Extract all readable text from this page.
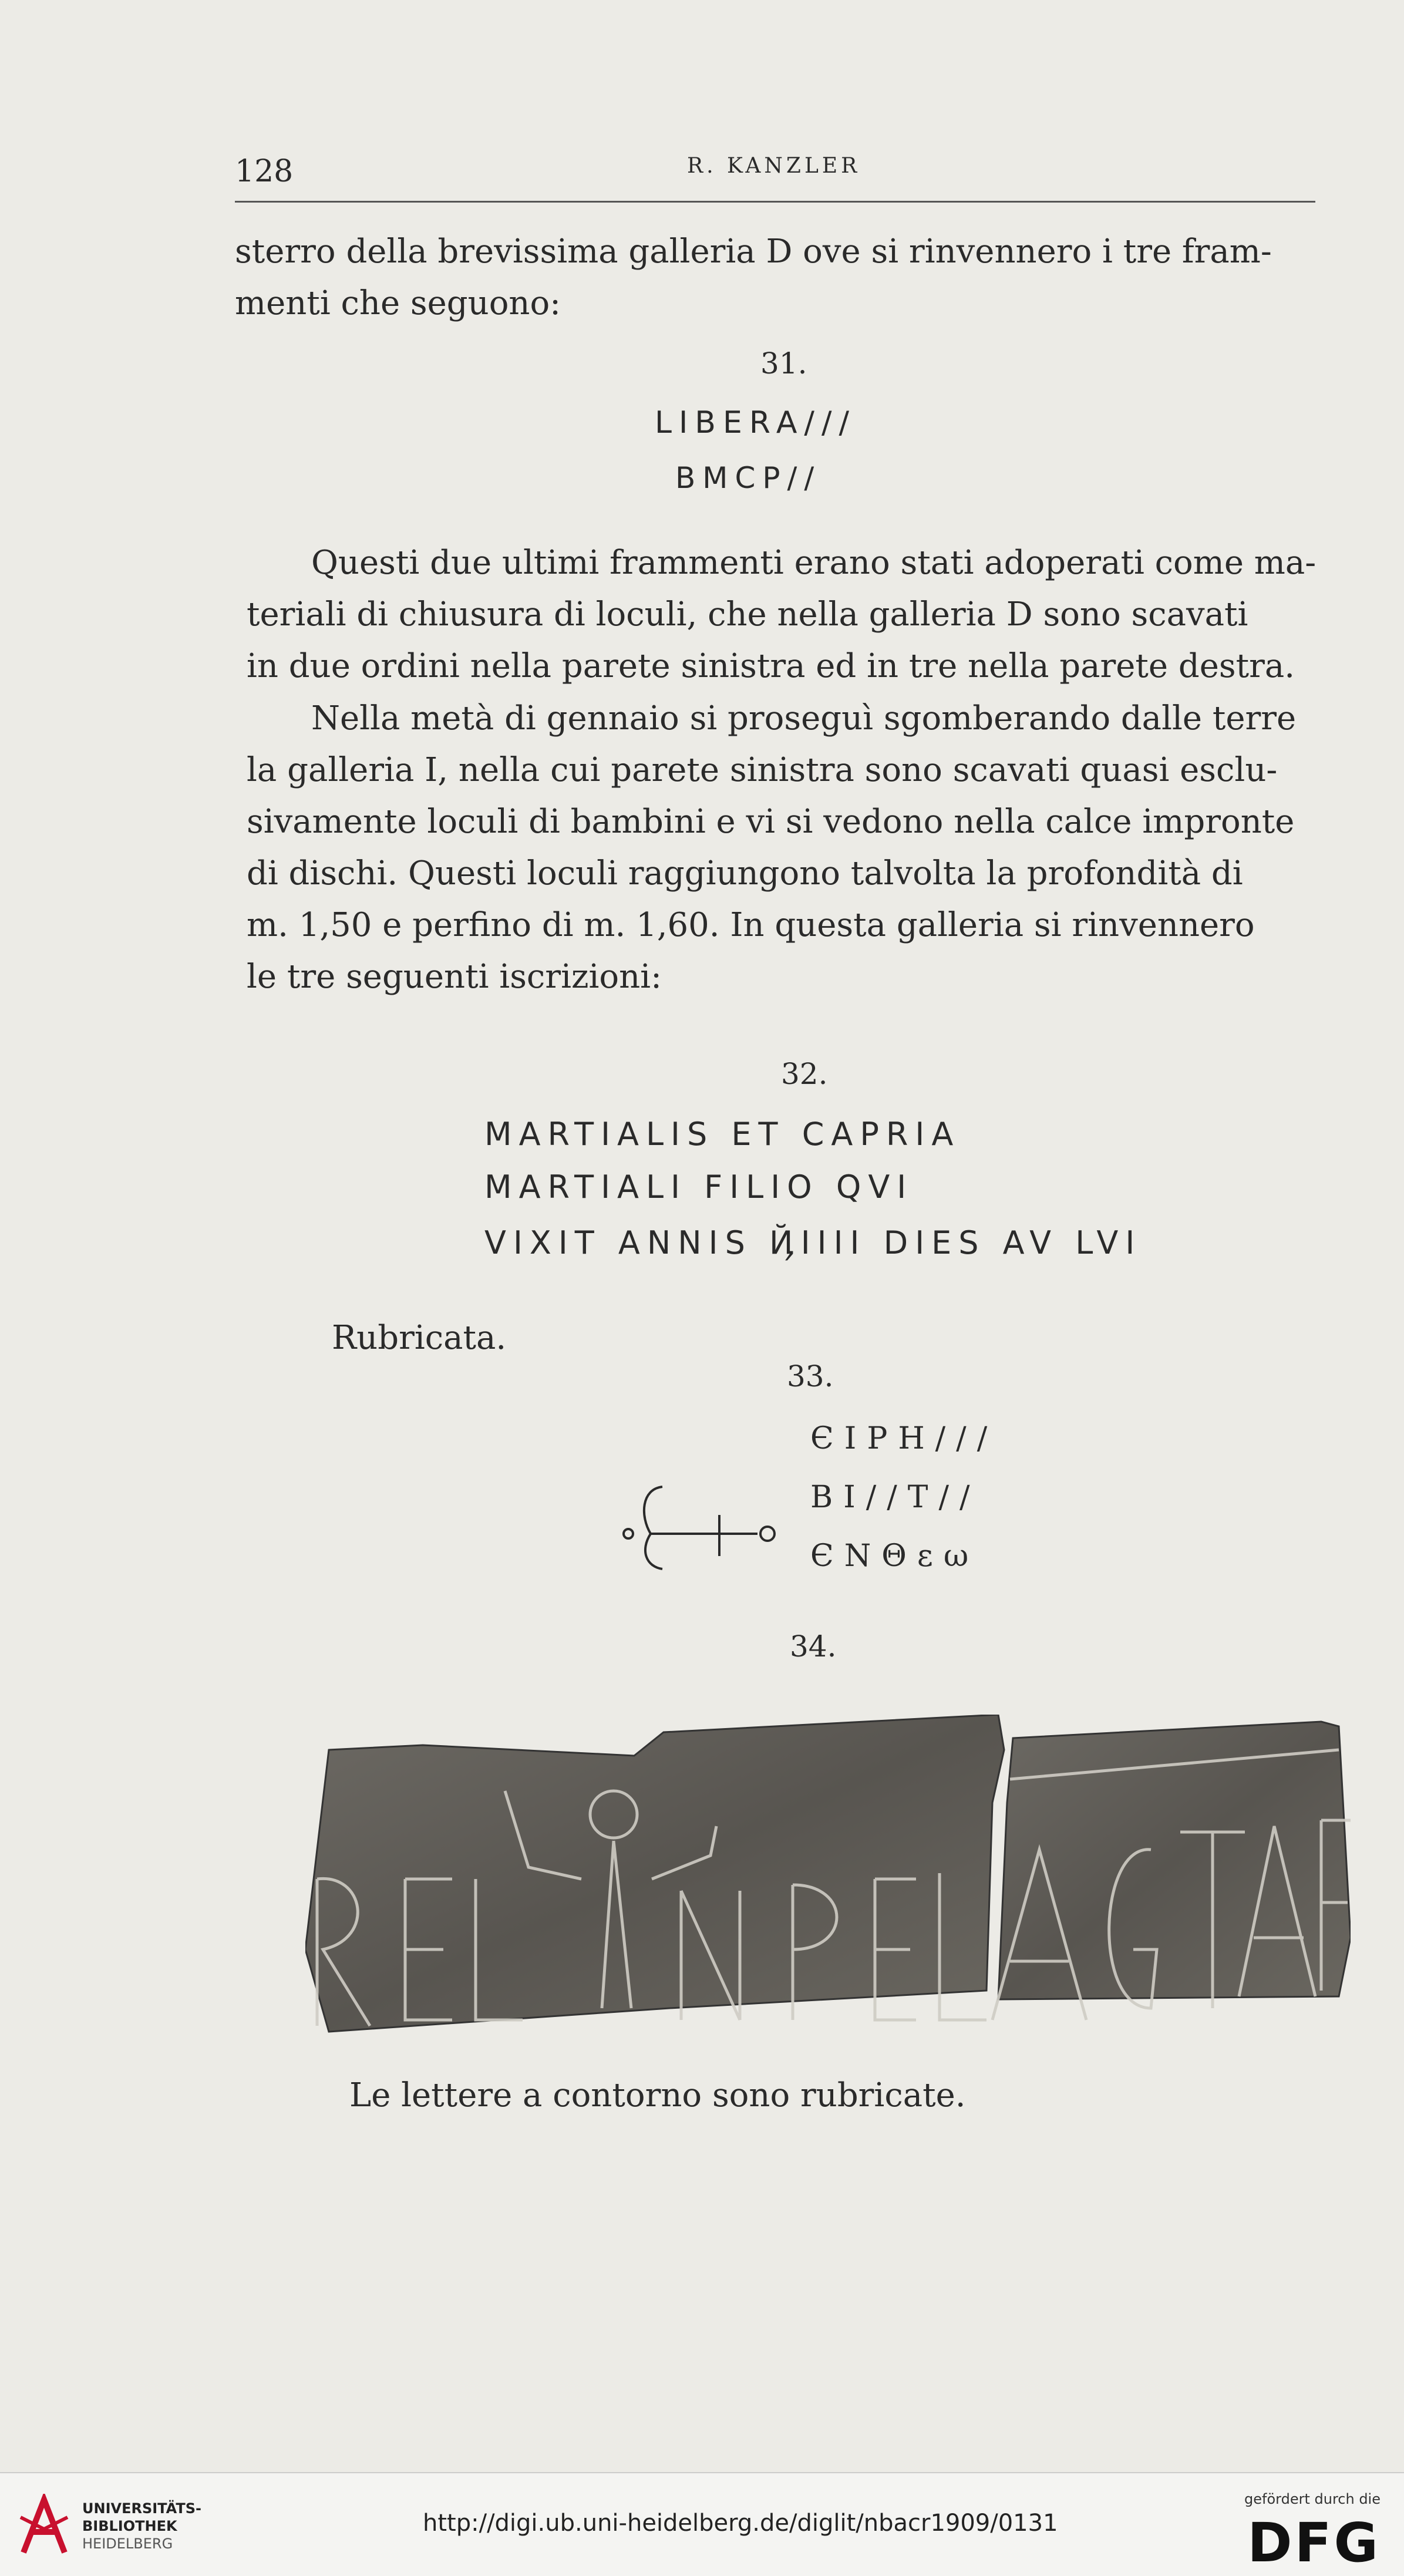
128	R. KANZLER

sterro della brevissima galleria D ove si rinvennero i tre fram-
menti che seguono:

31.
LIBERA///
BMCP//

Questi due ultimi frammenti erano stati adoperati come ma-
teriali di chiusura di loculi, che nella galleria D sono scavati
in due ordini nella parete sinistra ed in tre nella parete destra.

Nella metà di gennaio si proseguì sgomberando dalle terre
la galleria I, nella cui parete sinistra sono scavati quasi esclu-
sivamente loculi di bambini e vi si vedono nella calce impronte
di dischi. Questi loculi raggiungono talvolta la profondità di
m. 1,50 e perfino di m. 1,60. In questa galleria si rinvennero
le tre seguenti iscrizioni:

32.
MARTIALIS ET CAPRIA
MARTIALI FILIO QVI
VIXIT ANNIS ҊIIII DIES AV LVI
Rubricata.
33.
ЄΙΡΗ///
ΒΙ//Τ//
ЄΝΘεω
34.
Le lettere a contorno sono rubricate.
UNIVERSITÄTS-
BIBLIOTHEK
HEIDELBERG
http://digi.ub.uni-heidelberg.de/diglit/nbacr1909/0131
gefördert durch die
DFG
